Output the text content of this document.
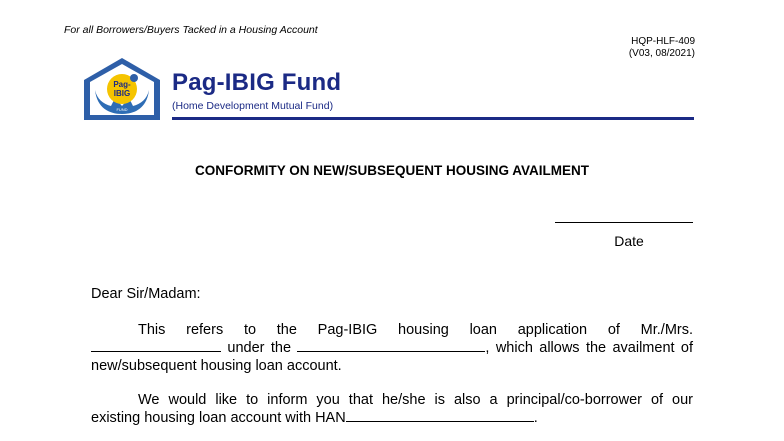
For all Borrowers/Buyers Tacked in a Housing Account
HQP-HLF-409
(V03, 08/2021)
Pag-
IBIG
FUND
Pag-IBIG Fund
(Home Development Mutual Fund)
CONFORMITY ON NEW/SUBSEQUENT HOUSING AVAILMENT
Date
Dear Sir/Madam:
This refers to the Pag-IBIG housing loan application of Mr./Mrs.
under the	, which allows the availment of
new/subsequent housing loan account.
We would like to inform you that he/she is also a principal/co-borrower of our
existing housing loan account with HAN	.
